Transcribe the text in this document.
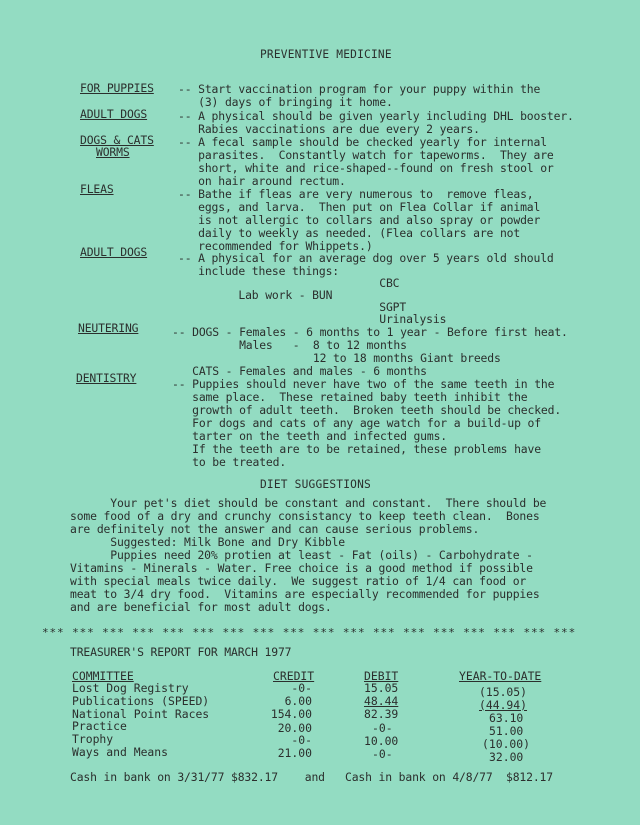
PREVENTIVE MEDICINE
FOR PUPPIES -- Start vaccination program for your puppy within the
(3) days of bringing it home.
ADULT DOGS	-- A physical should be given yearly including DHL booster.
Rabies vaccinations are due every 2 years.
DOGS & CATS
WORMS
-- A fecal sample should be checked yearly for internal
parasites.  Constantly watch for tapeworms.  They are
short, white and rice-shaped--found on fresh stool or
on hair around rectum.
FLEAS	-- Bathe if fleas are very numerous to  remove fleas,
eggs, and larva.  Then put on Flea Collar if animal
is not allergic to collars and also spray or powder
daily to weekly as needed. (Flea collars are not
recommended for Whippets.)
ADULT DOGS	-- A physical for an average dog over 5 years old should
include these things:
CBC
Lab work - BUN
SGPT
Urinalysis
NEUTERING	-- DOGS - Females - 6 months to 1 year - Before first heat.
Males   -  8 to 12 months
12 to 18 months Giant breeds
CATS - Females and males - 6 months
DENTISTRY	-- Puppies should never have two of the same teeth in the
same place.  These retained baby teeth inhibit the
growth of adult teeth.  Broken teeth should be checked.
For dogs and cats of any age watch for a build-up of
tarter on the teeth and infected gums.
If the teeth are to be retained, these problems have
to be treated.
DIET SUGGESTIONS
Your pet's diet should be constant and constant.  There should be
some food of a dry and crunchy consistancy to keep teeth clean.  Bones
are definitely not the answer and can cause serious problems.
Suggested: Milk Bone and Dry Kibble
Puppies need 20% protien at least - Fat (oils) - Carbohydrate -
Vitamins - Minerals - Water. Free choice is a good method if possible
with special meals twice daily.  We suggest ratio of 1/4 can food or
meat to 3/4 dry food.  Vitamins are especially recommended for puppies
and are beneficial for most adult dogs.
*** *** *** *** *** *** *** *** *** *** *** *** *** *** *** *** *** ***
TREASURER'S REPORT FOR MARCH 1977
COMMITTEE	CREDIT	DEBIT	YEAR-TO-DATE
Lost Dog Registry	-0-	15.05	(15.05)
Publications (SPEED)	6.00	48.44	(44.94)
National Point Races	154.00	82.39	63.10
Practice	20.00	-0-	51.00
Trophy	-0-	10.00	(10.00)
Ways and Means	21.00	-0-	32.00
Cash in bank on 3/31/77 $832.17    and   Cash in bank on 4/8/77  $812.17
